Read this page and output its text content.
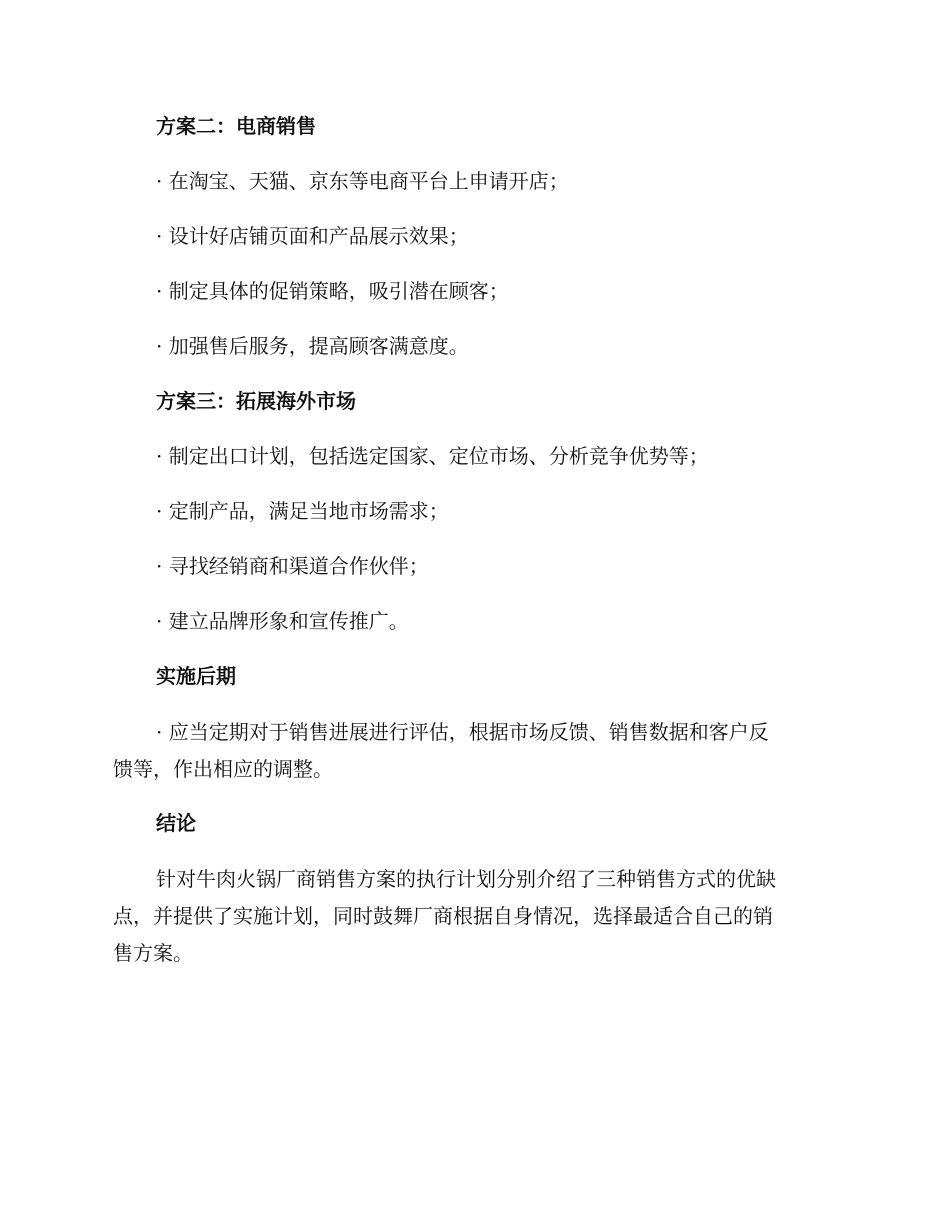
方案二：电商销售
· 在淘宝、天猫、京东等电商平台上申请开店；
· 设计好店铺页面和产品展示效果；
· 制定具体的促销策略，吸引潜在顾客；
· 加强售后服务，提高顾客满意度。
方案三：拓展海外市场
· 制定出口计划，包括选定国家、定位市场、分析竞争优势等；
· 定制产品，满足当地市场需求；
· 寻找经销商和渠道合作伙伴；
· 建立品牌形象和宣传推广。
实施后期
· 应当定期对于销售进展进行评估，根据市场反馈、销售数据和客户反
馈等，作出相应的调整。
结论
针对牛肉火锅厂商销售方案的执行计划分别介绍了三种销售方式的优缺
点，并提供了实施计划，同时鼓舞厂商根据自身情况，选择最适合自己的销
售方案。
